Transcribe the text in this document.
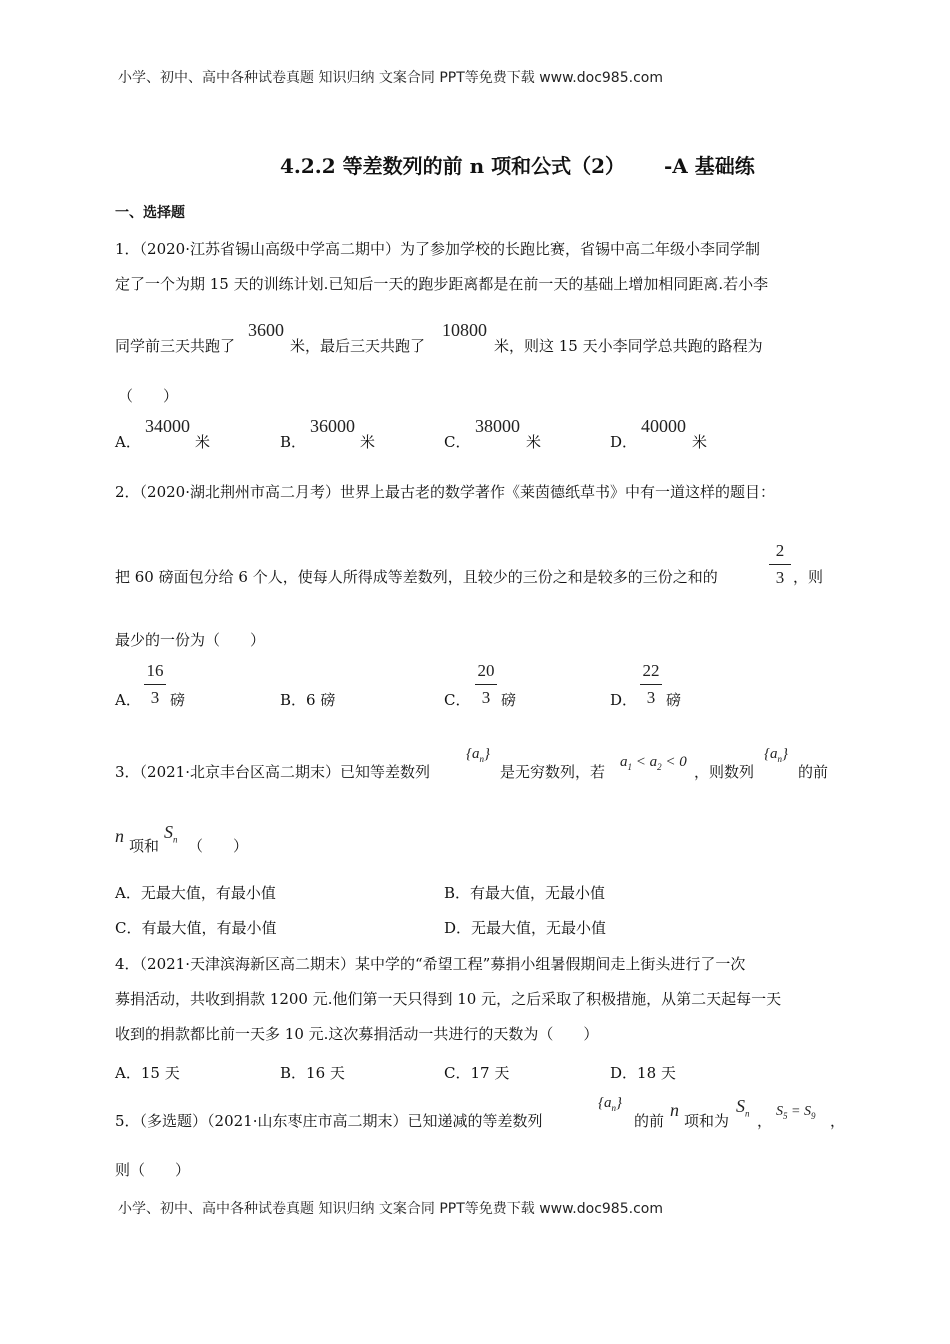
小学、初中、高中各种试卷真题 知识归纳 文案合同 PPT等免费下载 www.doc985.com
4.2.2 等差数列的前 n 项和公式（2） -A 基础练
一、选择题
1．（2020·江苏省锡山高级中学高二期中）为了参加学校的长跑比赛，省锡中高二年级小李同学制
定了一个为期 15 天的训练计划.已知后一天的跑步距离都是在前一天的基础上增加相同距离.若小李
同学前三天共跑了
3600
米，最后三天共跑了
10800
米，则这 15 天小李同学总共跑的路程为
（　　）
A．
34000
米	B．
36000
米	C．
38000
米	D．
40000
米
2．（2020·湖北荆州市高二月考）世界上最古老的数学著作《莱茵德纸草书》中有一道这样的题目：
把 60 磅面包分给 6 个人，使每人所得成等差数列，且较少的三份之和是较多的三份之和的
2
3 ，则
最少的一份为（　　）
A．
16
3 磅	B．6 磅	C．
20
3 磅	D．
22
3 磅
3．（2021·北京丰台区高二期末）已知等差数列
$\{a_n\}$
是无穷数列，若
$a_1 < a_2 < 0$
，则数列
$\{a_n\}$
的前
n 项和
$S_n$ （　　）
A．无最大值，有最小值	B．有最大值，无最小值
C．有最大值，有最小值	D．无最大值，无最小值
4．（2021·天津滨海新区高二期末）某中学的“希望工程”募捐小组暑假期间走上街头进行了一次
募捐活动，共收到捐款 1200 元.他们第一天只得到 10 元，之后采取了积极措施，从第二天起每一天
收到的捐款都比前一天多 10 元.这次募捐活动一共进行的天数为（　　）
A．15 天	B．16 天	C．17 天	D．18 天
5．（多选题）（2021·山东枣庄市高二期末）已知递减的等差数列
$\{a_n\}$
的前
n
项和为
$S_n$ ，
$S_5 = S_9$ ，
则（　　）
小学、初中、高中各种试卷真题 知识归纳 文案合同 PPT等免费下载 www.doc985.com
